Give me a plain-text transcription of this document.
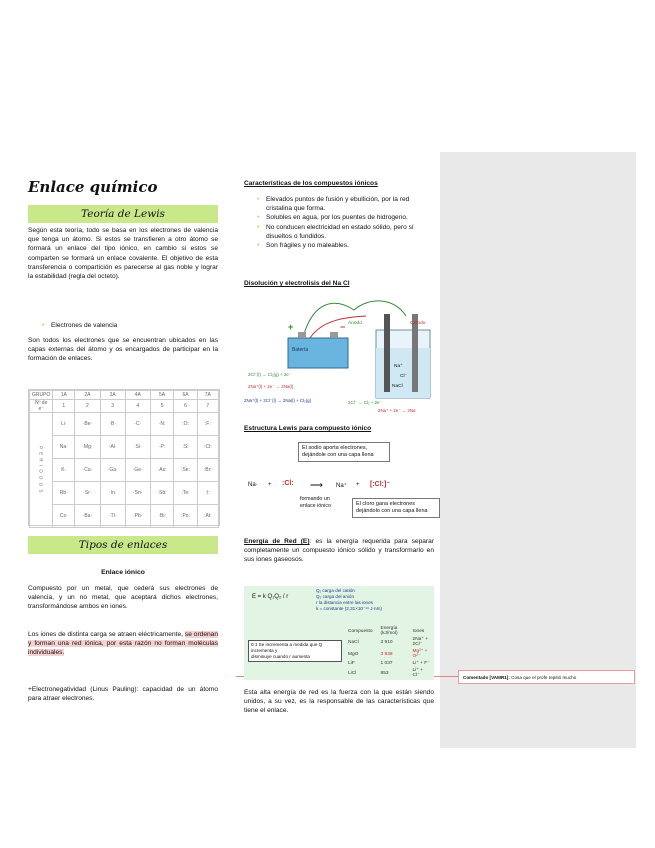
Comentado [VAMR1]: Cosa que el profe repitió mucho
Enlace químico
Teoría de Lewis

Según esta teoría, todo se basa en los electrones de valencia que tenga un átomo. Si estos se transfieren a otro átomo se formará un enlace del tipo iónico, en cambio si estos se comparten se formará un enlace covalente. El objetivo de esta transferencia o compartición es parecerse al gas noble y lograr la estabilidad (regla del octeto).

• Electrones de valencia

Son todos los electrones que se encuentran ubicados en las capas externas del átomo y os encargados de participar en la formación de enlaces.

GRUPO	1A	2A	3A	4A	5A	6A	7A
Nº de e⁻	1	2	3	4	5	6	7
P E R I O D O S	Li·	·Be·	·B·	·C·	·N:	:O:	:F:
	Na·	·Mg·	·Al·	·Si·	·P:	:S:	:Cl:
	K·	·Ca·	·Ga·	·Ge·	·As:	:Se:	:Br:
	Rb·	·Sr·	·In·	·Sn·	·Sb:	:Te:	:I:
	Cs·	·Ba·	·Tl·	·Pb·	·Bi:	:Po:	:At:
Tipos de enlaces
Enlace iónico

Compuesto por un metal, que cederá sus electrones de valencia, y un no metal, que aceptará dichos electrones, transformándose ambos en iones.

Los iones de distinta carga se atraen eléctricamente, se ordenan y forman una red iónica, por esta razón no forman moléculas individuales.

+Electronegatividad (Linus Pauling): capacidad de un átomo para atraer electrones.

Características de los compuestos iónicos

• Elevados puntos de fusión y ebullición, por la red cristalina que forma.

• Solubles en agua, por los puentes de hidrogeno.

• No conducen electricidad en estado sólido, pero sí disueltos o fundidos.

• Son frágiles y no maleables.

Disolución y electrolisis del Na Cl
Batería
+	− Ánodo	Cátodo
Na⁺
Cl⁻
NaCl
2Cl⁻(l) → Cl₂(g) + 2e⁻
2Na⁺(l) + 2e⁻ → 2Na(l)
2Na⁺(l) + 2Cl⁻(l) → 2Na(l) + Cl₂(g)	2Cl⁻ → Cl₂ + 2e⁻
2Na⁺ + 2e⁻ → 2Na
Estructura Lewis para compuesto iónico
El sodio aporta electrones, dejándole con una capa llena
Na· + :Cl: ⟶ Na⁺ + [:Cl:]⁻
formando un enlace iónico	El cloro gana electrones dejándolo con una capa llena

Energía de Red (E): es la energía requerida para separar completamente un compuesto iónico sólido y transformarlo en sus iones gaseosos.

E = k Q₁Q₂ / r
Q₁ carga del catión
Q₂ carga del anión
r la distancia entre las iones
k = constante (2,31×10⁻¹⁹ J·nm)
0 1 Se incrementa a medida que Q incrementa y
disminuye cuando r aumenta
Compuesto	Energía (kJ/mol)	Iones
NaCl	3 910	2Na⁺ + 2Cl⁻
MgO	3 938	Mg²⁺ + O²⁻
LiF	1 037	Li⁺ + F⁻
LiCl	853	Li⁺ + Cl⁻

Esta alta energía de red es la fuerza con la que están siendo unidos, a su vez, es la responsable de las características que tiene el enlace.
